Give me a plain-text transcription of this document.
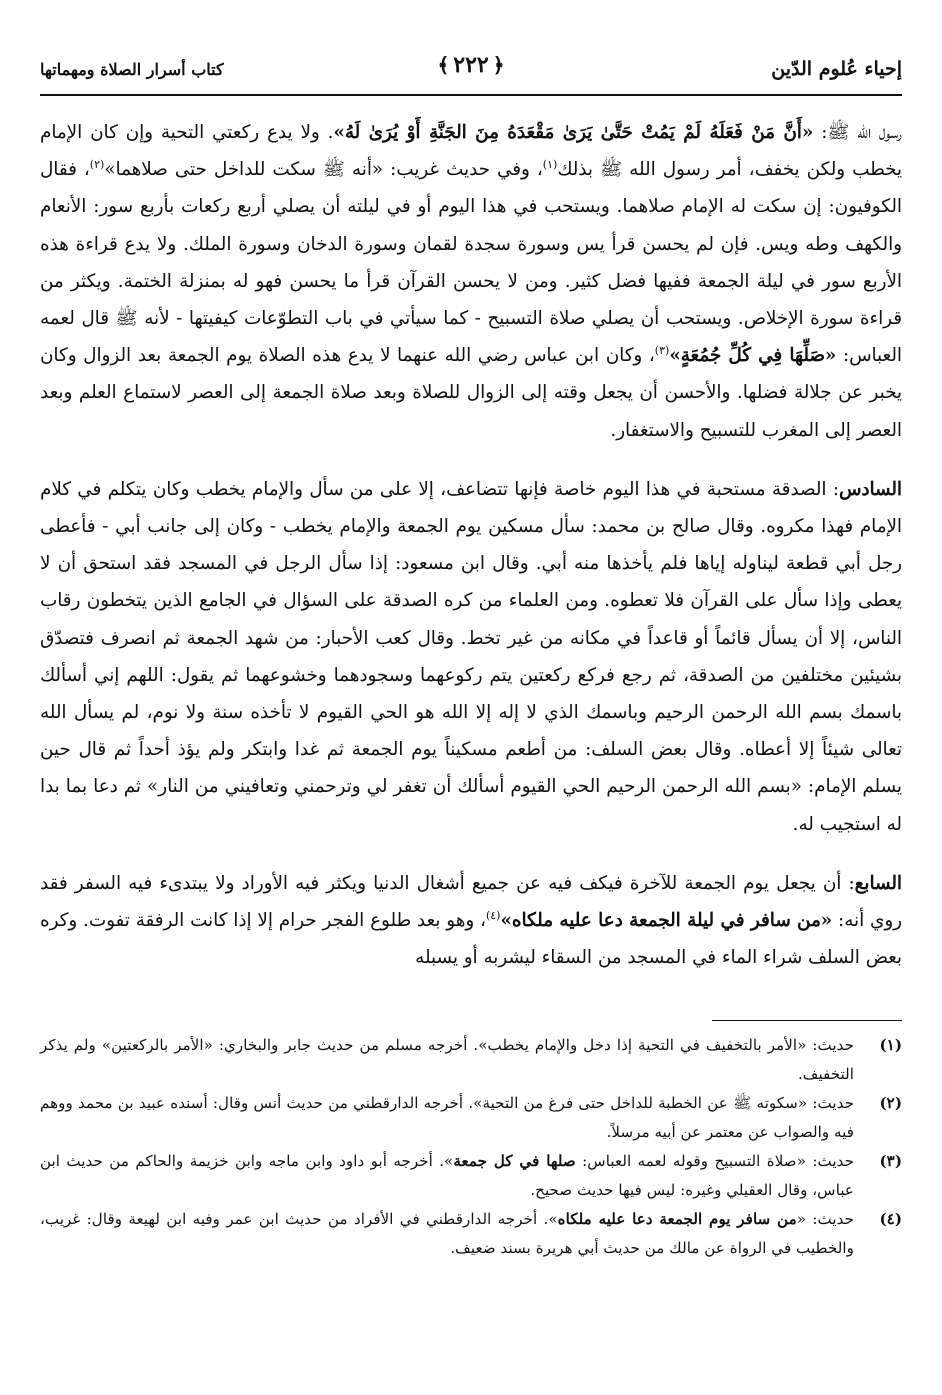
إحياء عُلوم الدّين
﴿٢٢٢﴾
كتاب أسرار الصلاة ومهماتها

رسول الله ﷺ: «أَنَّ مَنْ فَعَلَهُ لَمْ يَمُتْ حَتَّىٰ يَرَىٰ مَقْعَدَهُ مِنَ الجَنَّةِ أَوْ يُرَىٰ لَهُ». ولا يدع ركعتي التحية وإن كان الإمام يخطب ولكن يخفف، أمر رسول الله ﷺ بذلك$^{(١)}$، وفي حديث غريب: «أنه ﷺ سكت للداخل حتى صلاهما»$^{(٢)}$، فقال الكوفيون: إن سكت له الإمام صلاهما. ويستحب في هذا اليوم أو في ليلته أن يصلي أربع ركعات بأربع سور: الأنعام والكهف وطه ويس. فإن لم يحسن قرأ يس وسورة سجدة لقمان وسورة الدخان وسورة الملك. ولا يدع قراءة هذه الأربع سور في ليلة الجمعة ففيها فضل كثير. ومن لا يحسن القرآن قرأ ما يحسن فهو له بمنزلة الختمة. ويكثر من قراءة سورة الإخلاص. ويستحب أن يصلي صلاة التسبيح - كما سيأتي في باب التطوّعات كيفيتها - لأنه ﷺ قال لعمه العباس: «صَلِّهَا فِي كُلِّ جُمُعَةٍ»$^{(٣)}$، وكان ابن عباس رضي الله عنهما لا يدع هذه الصلاة يوم الجمعة بعد الزوال وكان يخبر عن جلالة فضلها. والأحسن أن يجعل وقته إلى الزوال للصلاة وبعد صلاة الجمعة إلى العصر لاستماع العلم وبعد العصر إلى المغرب للتسبيح والاستغفار.

السادس: الصدقة مستحبة في هذا اليوم خاصة فإنها تتضاعف، إلا على من سأل والإمام يخطب وكان يتكلم في كلام الإمام فهذا مكروه. وقال صالح بن محمد: سأل مسكين يوم الجمعة والإمام يخطب - وكان إلى جانب أبي - فأعطى رجل أبي قطعة ليناوله إياها فلم يأخذها منه أبي. وقال ابن مسعود: إذا سأل الرجل في المسجد فقد استحق أن لا يعطى وإذا سأل على القرآن فلا تعطوه. ومن العلماء من كره الصدقة على السؤال في الجامع الذين يتخطون رقاب الناس، إلا أن يسأل قائماً أو قاعداً في مكانه من غير تخط. وقال كعب الأحبار: من شهد الجمعة ثم انصرف فتصدّق بشيئين مختلفين من الصدقة، ثم رجع فركع ركعتين يتم ركوعهما وسجودهما وخشوعهما ثم يقول: اللهم إني أسألك باسمك بسم الله الرحمن الرحيم وباسمك الذي لا إله إلا الله هو الحي القيوم لا تأخذه سنة ولا نوم، لم يسأل الله تعالى شيئاً إلا أعطاه. وقال بعض السلف: من أطعم مسكيناً يوم الجمعة ثم غدا وابتكر ولم يؤذ أحداً ثم قال حين يسلم الإمام: «بسم الله الرحمن الرحيم الحي القيوم أسألك أن تغفر لي وترحمني وتعافيني من النار» ثم دعا بما بدا له استجيب له.

السابع: أن يجعل يوم الجمعة للآخرة فيكف فيه عن جميع أشغال الدنيا ويكثر فيه الأوراد ولا يبتدىء فيه السفر فقد روي أنه: «من سافر في ليلة الجمعة دعا عليه ملكاه»$^{(٤)}$، وهو بعد طلوع الفجر حرام إلا إذا كانت الرفقة تفوت. وكره بعض السلف شراء الماء في المسجد من السقاء ليشربه أو يسبله

(١)
حديث: «الأمر بالتخفيف في التحية إذا دخل والإمام يخطب». أخرجه مسلم من حديث جابر والبخاري: «الأمر بالركعتين» ولم يذكر التخفيف.
(٢)
حديث: «سكوته ﷺ عن الخطبة للداخل حتى فرغ من التحية». أخرجه الدارقطني من حديث أنس وقال: أسنده عبيد بن محمد ووهم فيه والصواب عن معتمر عن أبيه مرسلاً.
(٣)
حديث: «صلاة التسبيح وقوله لعمه العباس: صلها في كل جمعة». أخرجه أبو داود وابن ماجه وابن خزيمة والحاكم من حديث ابن عباس، وقال العقيلي وغيره: ليس فيها حديث صحيح.
(٤)
حديث: «من سافر يوم الجمعة دعا عليه ملكاه». أخرجه الدارقطني في الأفراد من حديث ابن عمر وفيه ابن لهيعة وقال: غريب، والخطيب في الرواة عن مالك من حديث أبي هريرة بسند ضعيف.
